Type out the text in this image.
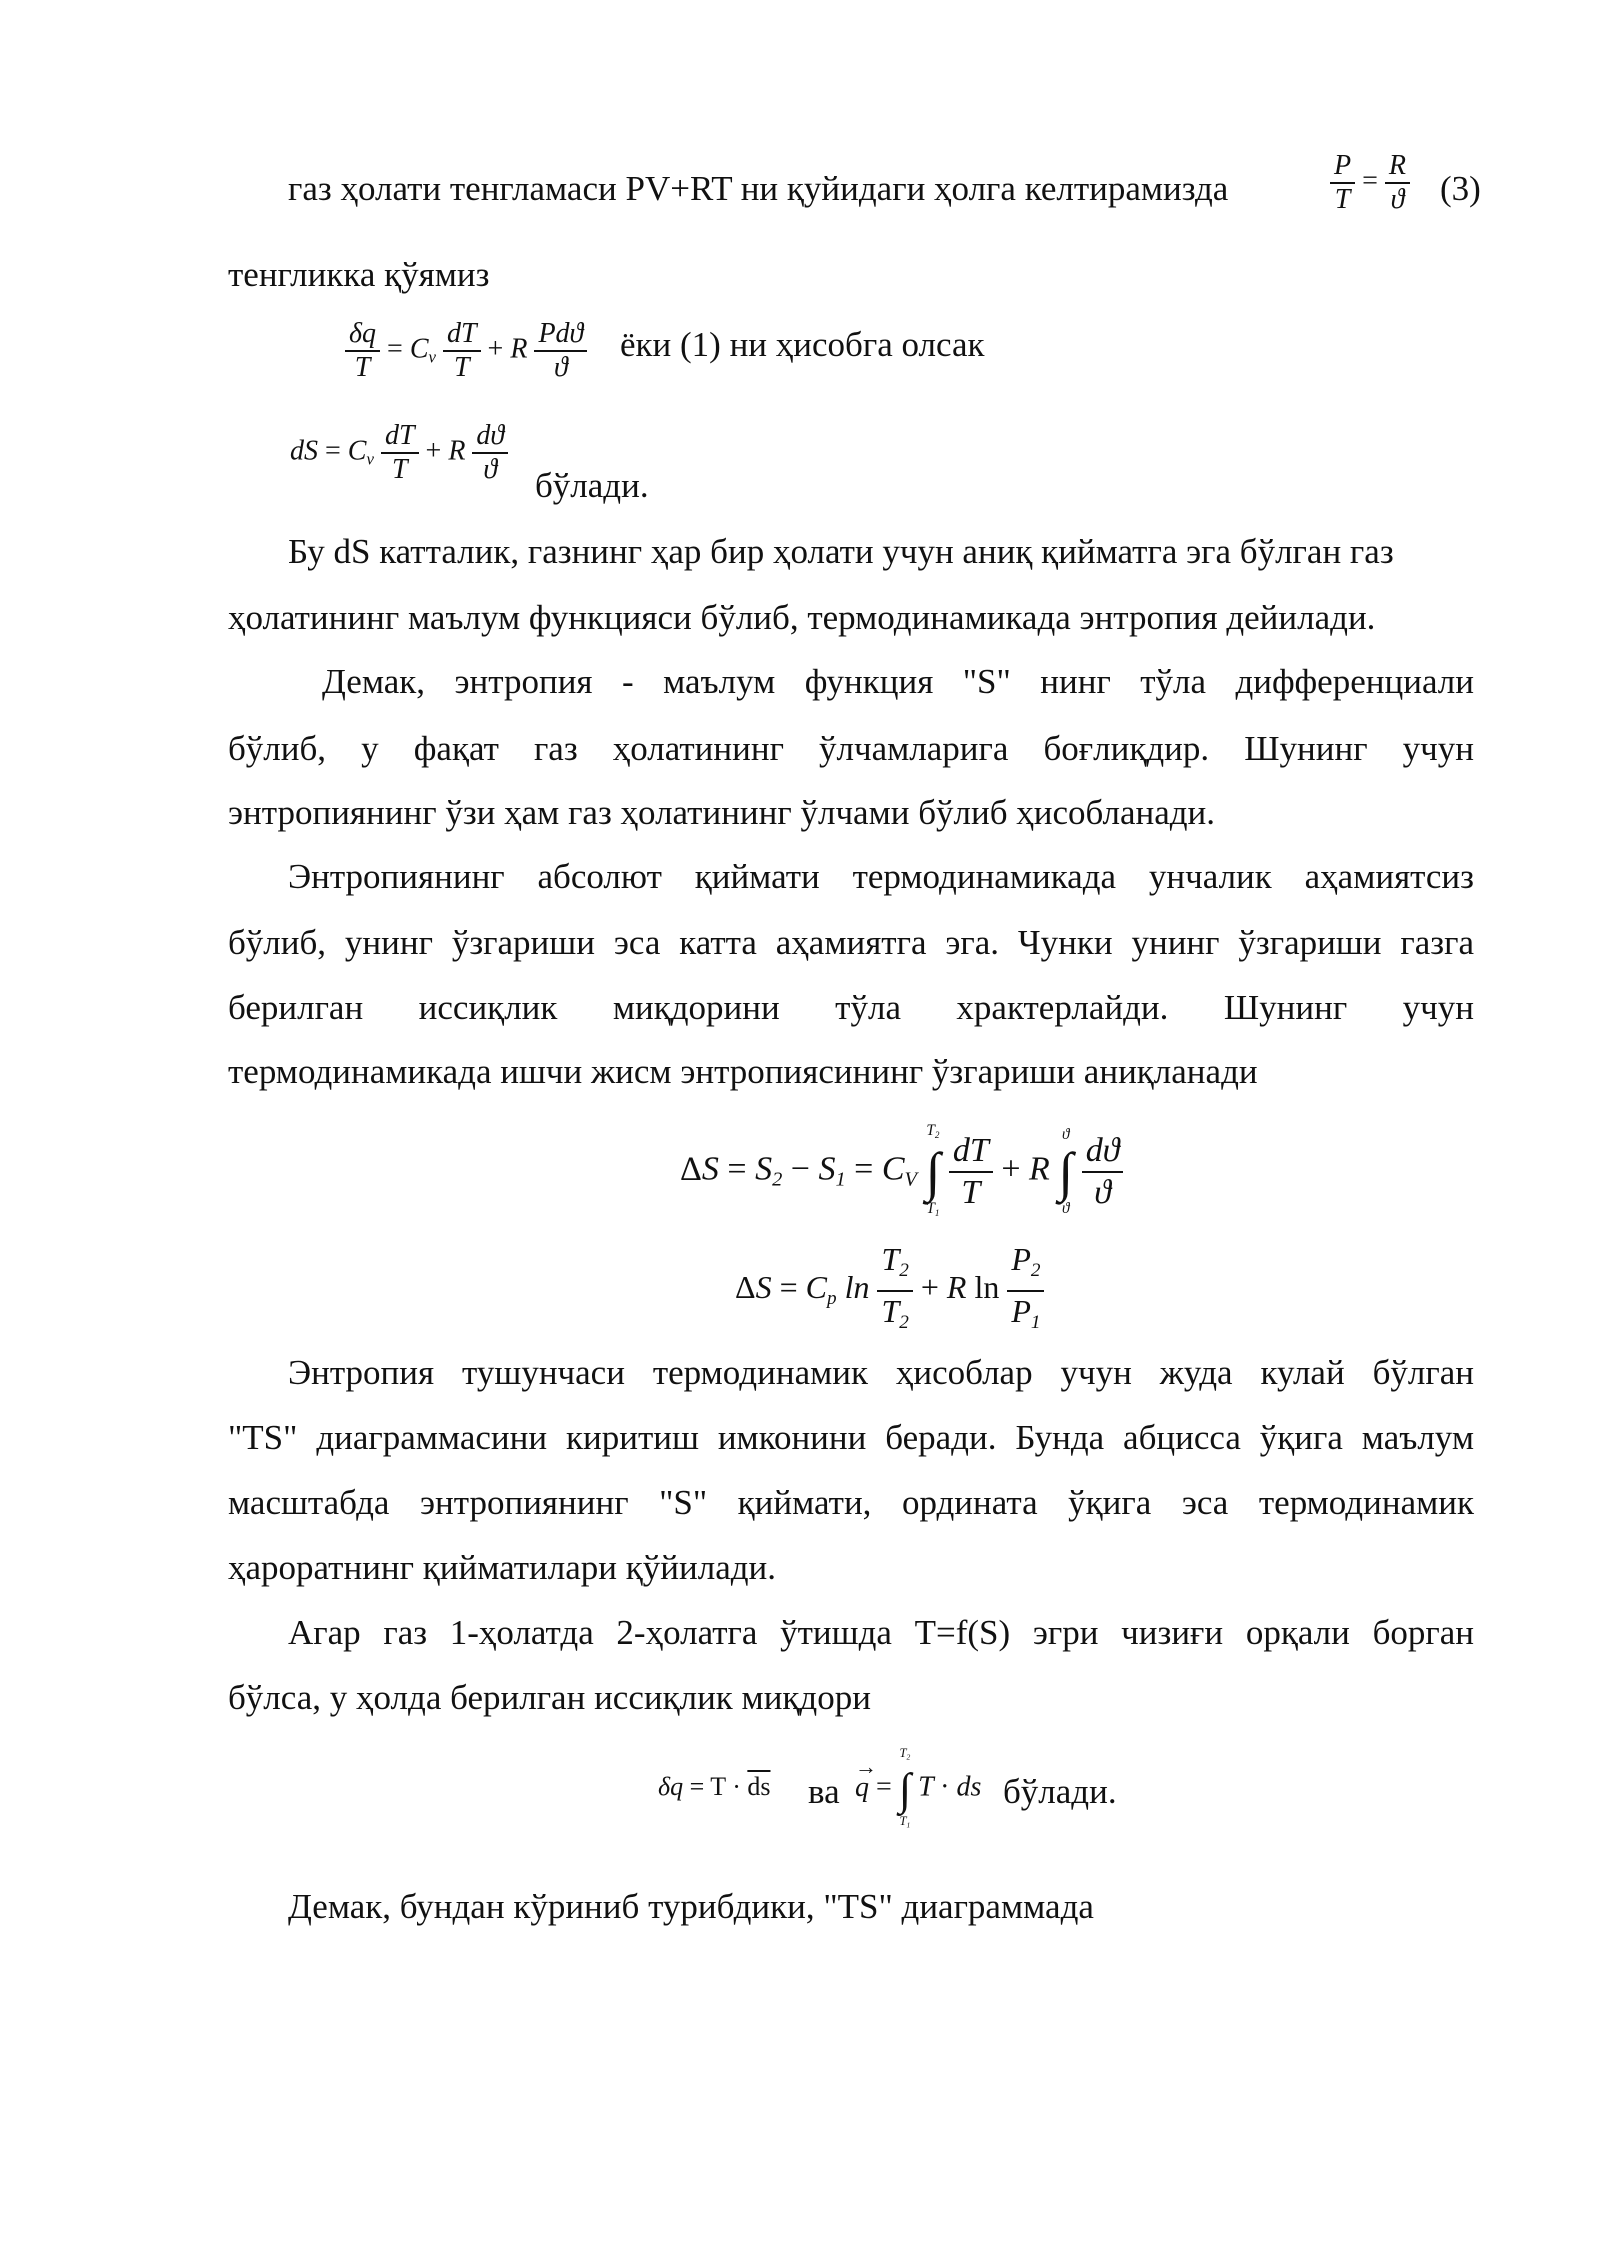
газ ҳолати тенгламаси PV+RT ни қуйидаги ҳолга келтирамизда	$\frac{P}{T} = \frac{R}{ϑ} (3)$
тенгликка қўямиз
$\frac{\delta q}{T} = C_v \frac{dT}{T} + R \frac{\text{Pdϑ}}{ϑ}$ ёки (1) ни ҳисобга олсак
dS = $C_v \frac{dT}{T} + R \frac{dϑ}{ϑ}$ бўлади.
Бу dS катталик, газнинг ҳар бир ҳолати учун аниқ қийматга эга бўлган газ
ҳолатининг маълум функцияси бўлиб, термодинамикада энтропия дейилади.
Демак, энтропия - маълум функция "S" нинг тўла дифференциали
бўлиб, у фақат газ ҳолатининг ўлчамларига боғлиқдир. Шунинг учун
энтропиянинг ўзи ҳам газ ҳолатининг ўлчами бўлиб ҳисобланади.
Энтропиянинг абсолют қиймати термодинамикада унчалик аҳамиятсиз
бўлиб, унинг ўзгариши эса катта аҳамиятга эга. Чунки унинг ўзгариши газга
берилган иссиқлик миқдорини тўла храктерлайди. Шунинг учун
термодинамикада ишчи жисм энтропиясининг ўзгариши аниқланади
$\Delta S = S_2 - S_1 = C_V$
$T_2$
∫
$T_1$
$\frac{dT}{T} + R$
ϑ
∫
ϑ
$\frac{dϑ}{ϑ}$
$\Delta S = C_p$ $\ln \frac{T_2}{T_2} + R$ $\ln \frac{P_2}{P_1}$
Энтропия тушунчаси термодинамик ҳисоблар учун жуда кулай бўлган
"TS" диаграммасини киритиш имконини беради. Бунда абцисса ўқига маълум
масштабда энтропиянинг "S" қиймати, ордината ўқига эса термодинамик
ҳароратнинг қийматилари қўйилади.
Агар газ 1-ҳолатда 2-ҳолатга ўтишда T=f(S) эгри чизиғи орқали борган
бўлса, у ҳолда берилган иссиқлик миқдори
$\delta q = T \cdot \overline{ds}$ ва q
→
=
$T_2$
∫
$T_1$
T · ds бўлади.
Демак, бундан кўриниб турибдики, "TS" диаграммада
